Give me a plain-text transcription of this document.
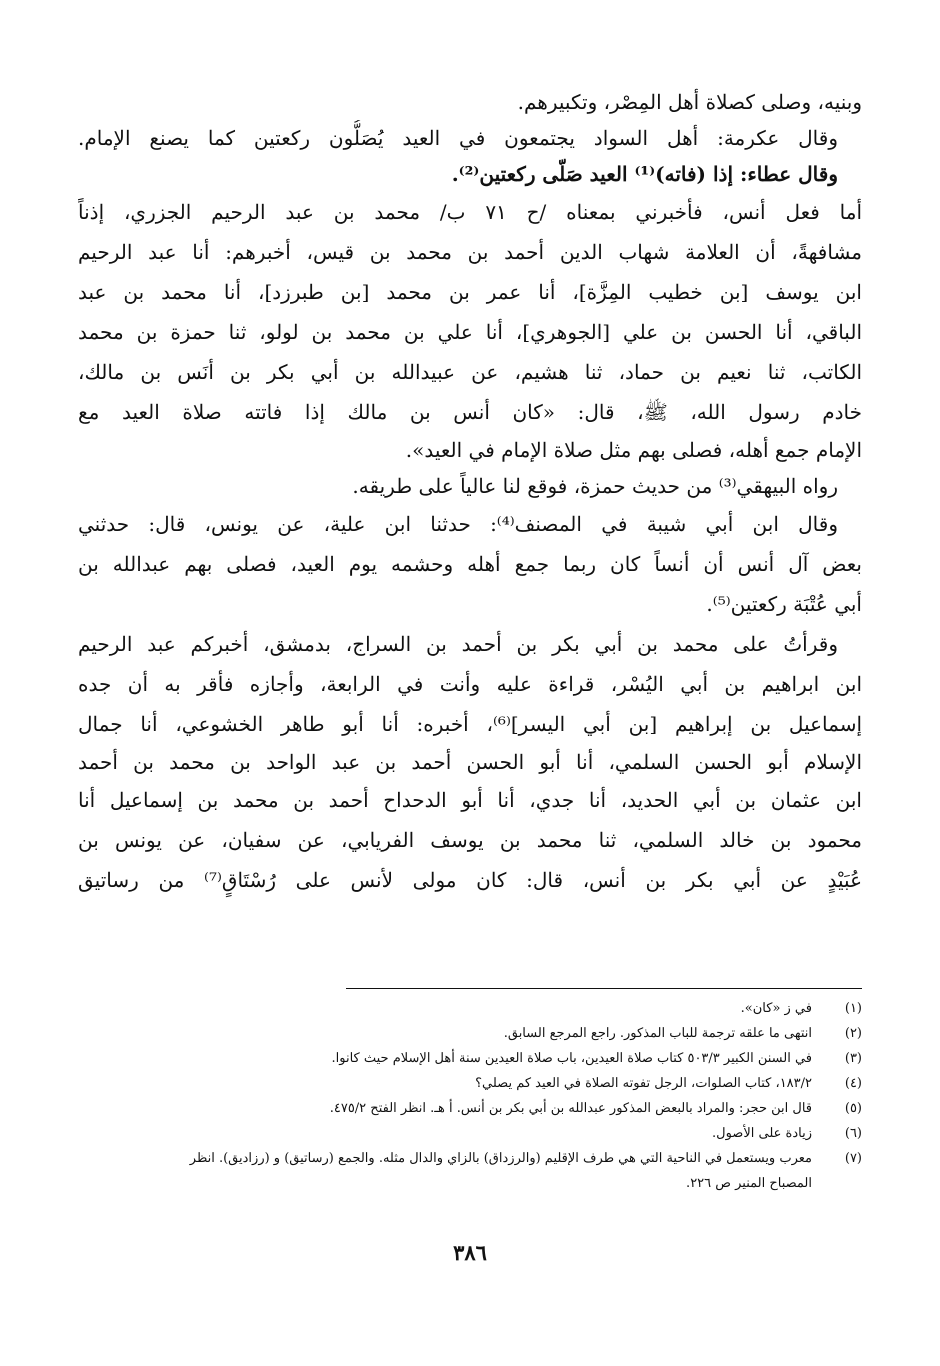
وبنيه، وصلى كصلاة أهل المِصْر، وتكبيرهم.
وقال عكرمة: أهل السواد يجتمعون في العيد يُصَلُّون ركعتين كما يصنع الإمام.
وقال عطاء: إذا (فاته)⁽¹⁾ العيد صَلّى ركعتين⁽²⁾.
أما فعل أنس، فأخبرني بمعناه /ح ٧١ ب/ محمد بن عبد الرحيم الجزري، إذناً
مشافهةً، أن العلامة شهاب الدين أحمد بن محمد بن قيس، أخبرهم: أنا عبد الرحيم
ابن يوسف [بن خطيب المِزَّة]، أنا عمر بن محمد [بن طبرزد]، أنا محمد بن عبد
الباقي، أنا الحسن بن علي [الجوهري]، أنا علي بن محمد بن لولو، ثنا حمزة بن محمد
الكاتب، ثنا نعيم بن حماد، ثنا هشيم، عن عبيدالله بن أبي بكر بن أنَس بن مالك،
خادم رسول الله، ﷺ، قال: «كان أنس بن مالك إذا فاتته صلاة العيد مع
الإمام جمع أهله، فصلى بهم مثل صلاة الإمام في العيد».
رواه البيهقي⁽³⁾ من حديث حمزة، فوقع لنا عالياً على طريقه.
وقال ابن أبي شيبة في المصنف⁽⁴⁾: حدثنا ابن علية، عن يونس، قال: حدثني
بعض آل أنس أن أنساً كان ربما جمع أهله وحشمه يوم العيد، فصلى بهم عبدالله بن
أبي عُتْبَة ركعتين⁽⁵⁾.
وقرأتُ على محمد بن أبي بكر بن أحمد بن السراج، بدمشق، أخبركم عبد الرحيم
ابن ابراهيم بن أبي اليُسْر، قراءة عليه وأنت في الرابعة، وأجازه فأقر به أن جده
إسماعيل بن إبراهيم [بن أبي اليسر]⁽⁶⁾، أخبره: أنا أبو طاهر الخشوعي، أنا جمال
الإسلام أبو الحسن السلمي، أنا أبو الحسن أحمد بن عبد الواحد بن محمد بن أحمد
ابن عثمان بن أبي الحديد، أنا جدي، أنا أبو الدحداح أحمد بن محمد بن إسماعيل أنا
محمود بن خالد السلمي، ثنا محمد بن يوسف الفريابي، عن سفيان، عن يونس بن
عُبَيْدٍ عن أبي بكر بن أنس، قال: كان مولى لأنس على رُسْتَاقٍ⁽⁷⁾ من رساتيق
(١)
في ز «كان».
(٢)
انتهى ما علقه ترجمة للباب المذكور. راجع المرجع السابق.
(٣)
في السنن الكبير ٥٠٣/٣ كتاب صلاة العيدين، باب صلاة العيدين سنة أهل الإسلام حيث كانوا.
(٤)
١٨٣/٢، كتاب الصلوات، الرجل تفوته الصلاة في العيد كم يصلي؟
(٥)
قال ابن حجر: والمراد بالبعض المذكور عبدالله بن أبي بكر بن أنس. أ هـ. انظر الفتح ٤٧٥/٢.
(٦)
زيادة على الأصول.
(٧)
معرب ويستعمل في الناحية التي هي طرف الإقليم (والرزداق) بالزاي والدال مثله. والجمع (رساتيق) و (رزاديق). انظر المصباح المنير ص ٢٢٦.
٣٨٦
